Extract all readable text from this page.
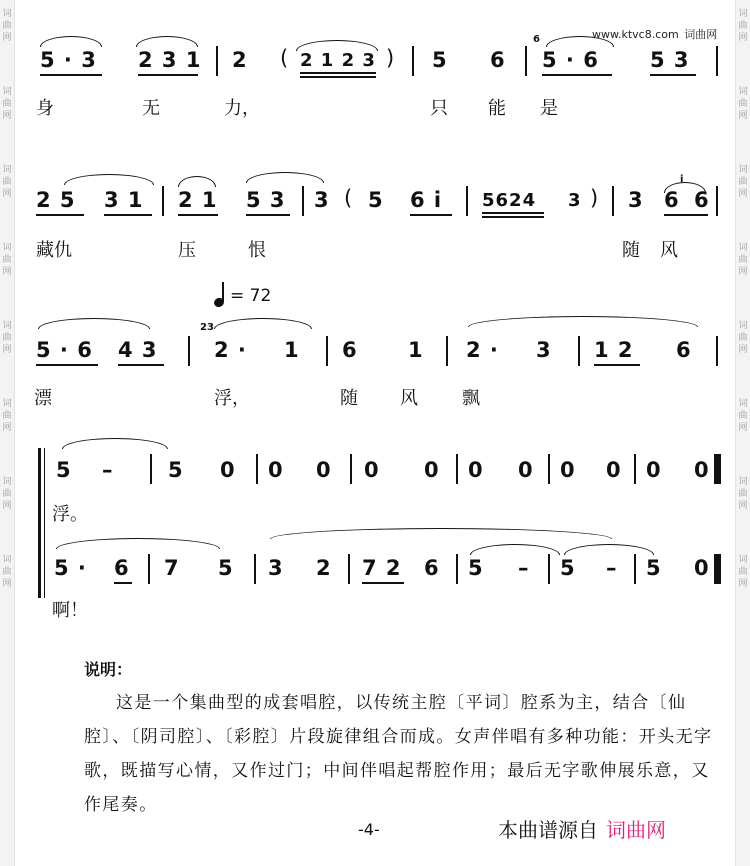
词曲网

词曲网

词曲网

词曲网

词曲网

词曲网

词曲网

词曲网
词曲网

词曲网

词曲网

词曲网

词曲网

词曲网

词曲网

词曲网
www.ktvc8.com 词曲网
5 · 3 2 3 1 2 ( 2 1 2 3 ) 5 6
6
5 · 6 5 3
身	无	力，	只 能 是
2 5 3 1 2 1 5 3 3 ( 5 6 i 5624 3 ) 3
i
6 6
藏仇	压	恨	随 风
= 72
5 · 6 4 3
23
2 · 1 6 1 2 · 3 1 2 6
漂	浮，	随 风 飘
5 –	5 0 0 0 0 0 0 0 0 0 0 0
浮。
5 · 6 7 5 3 2 7 2 6 5 – 5 – 5 0
啊！
说明：
这是一个集曲型的成套唱腔，以传统主腔〔平词〕腔系为主，结合〔仙腔〕、〔阴司腔〕、〔彩腔〕片段旋律组合而成。女声伴唱有多种功能：开头无字歌，既描写心情，又作过门；中间伴唱起帮腔作用；最后无字歌伸展乐意，又作尾奏。
-4-	本曲谱源自 词曲网
